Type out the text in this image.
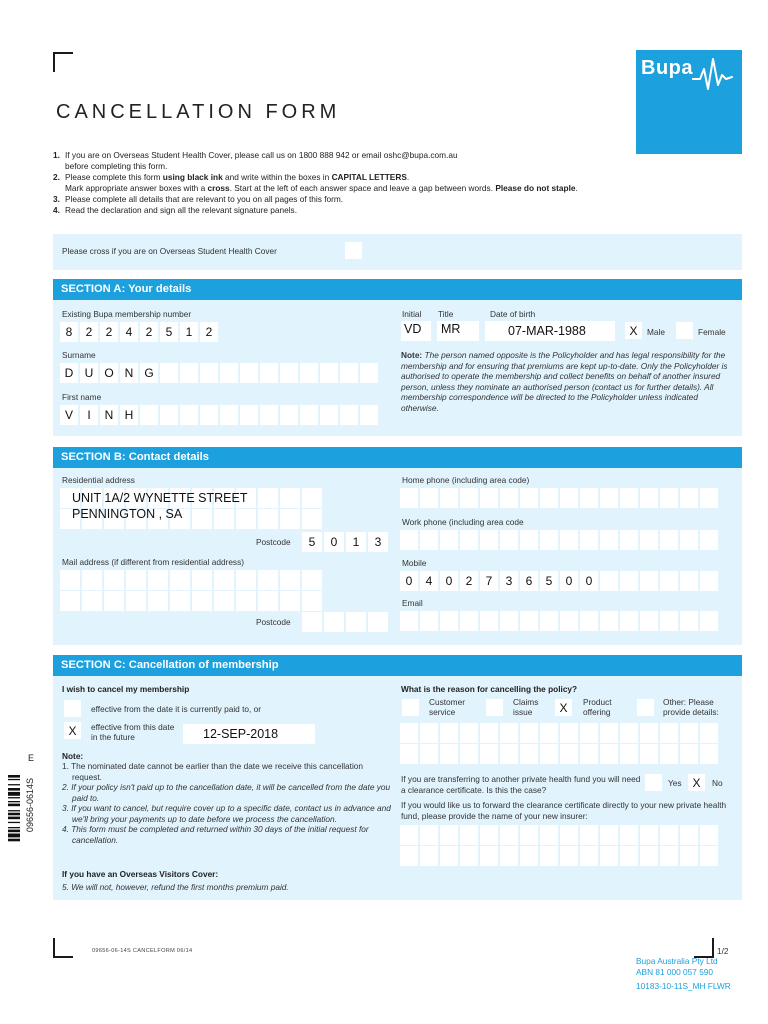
Bupa
CANCELLATION FORM
1. If you are on Overseas Student Health Cover, please call us on 1800 888 942 or email oshc@bupa.com.au
before completing this form.
2. Please complete this form using black ink and write within the boxes in CAPITAL LETTERS.
Mark appropriate answer boxes with a cross. Start at the left of each answer space and leave a gap between words. Please do not staple.
3. Please complete all details that are relevant to you on all pages of this form.
4. Read the declaration and sign all the relevant signature panels.
Please cross if you are on Overseas Student Health Cover
SECTION A: Your details
Existing Bupa membership number
8	2	2	4	2	5	1	2
Surname
D U O N G
First name
V	I	N H
Initial Title	Date of birth
VD MR	07-MAR-1988	X Male	Female
Note: The person named opposite is the Policyholder and has legal responsibility for the membership and for ensuring that premiums are kept up-to-date. Only the Policyholder is authorised to operate the membership and collect benefits on behalf of another insured person, unless they nominate an authorised person (contact us for further details). All membership correspondence will be directed to the Policyholder unless indicated otherwise.
SECTION B: Contact details
Residential address
UNIT 1A/2 WYNETTE STREET
PENNINGTON , SA
Postcode	5	0	1	3
Mail address (if different from residential address)
Postcode
Home phone (including area code)
Work phone (including area code
Mobile
0	4	0	2	7	3	6	5	0	0
Email
SECTION C: Cancellation of membership
I wish to cancel my membership
effective from the date it is currently paid to, or
X effective from this date in the future	12-SEP-2018
Note:
1. The nominated date cannot be earlier than the date we receive this cancellation request.
2. If your policy isn't paid up to the cancellation date, it will be cancelled from the date you paid to.
3. If you want to cancel, but require cover up to a specific date, contact us in advance and we'll bring your payments up to date before we process the cancellation.
4. This form must be completed and returned within 30 days of the initial request for cancellation.
If you have an Overseas Visitors Cover:
5. We will not, however, refund the first months premium paid.
What is the reason for cancelling the policy?
Customer service
Claims issue	X Product offering
Other: Please provide details:
If you are transferring to another private health fund you will need a clearance certificate. Is this the case?
Yes X No
If you would like us to forward the clearance certificate directly to your new private health fund, please provide the name of your new insurer:
09656-0614S
E
09656-06-14S CANCELFORM 06/14	1/2
Bupa Australia Pty Ltd
ABN 81 000 057 590
10183-10-11S_MH FLWR
